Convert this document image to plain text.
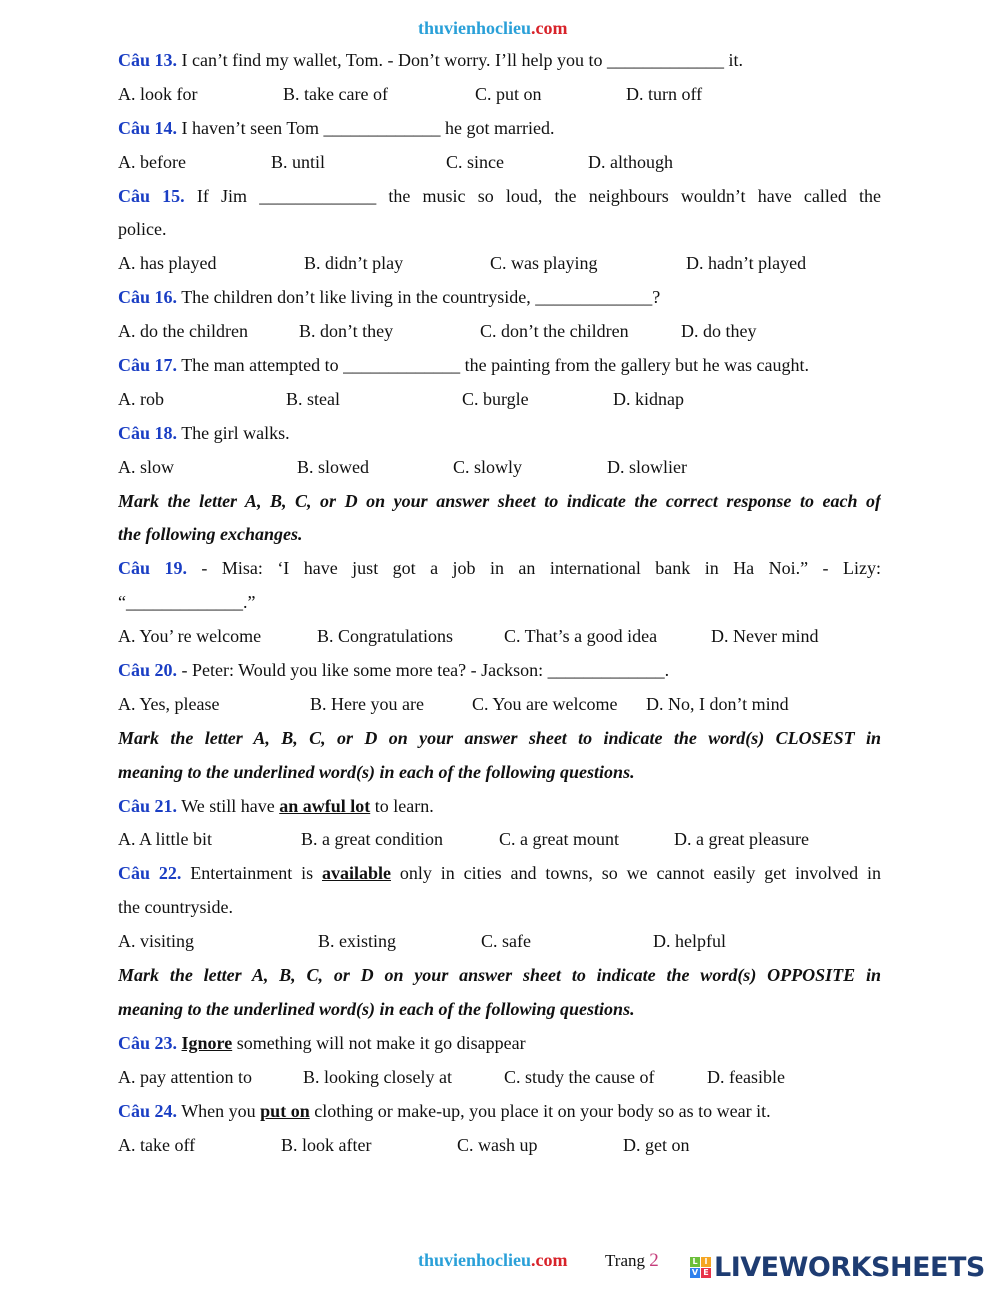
thuvienhoclieu.com
Câu 13. I can’t find my wallet, Tom. - Don’t worry. I’ll help you to _____________ it.
A. look for	B. take care of	C. put on	D. turn off
Câu 14. I haven’t seen Tom _____________ he got married.
A. before	B. until	C. since	D. although
Câu 15. If Jim _____________ the music so loud, the neighbours wouldn’t have called the
police.
A. has played	B. didn’t play	C. was playing	D. hadn’t played
Câu 16. The children don’t like living in the countryside, _____________?
A. do the children	B. don’t they	C. don’t the children	D. do they
Câu 17. The man attempted to _____________ the painting from the gallery but he was caught.
A. rob	B. steal	C. burgle	D. kidnap
Câu 18. The girl walks.
A. slow	B. slowed	C. slowly	D. slowlier
Mark the letter A, B, C, or D on your answer sheet to indicate the correct response to each of
the following exchanges.
Câu 19. - Misa: ‘I have just got a job in an international bank in Ha Noi.” - Lizy:
“_____________.”
A. You’ re welcome	B. Congratulations	C. That’s a good idea	D. Never mind
Câu 20. - Peter: Would you like some more tea? - Jackson: _____________.
A. Yes, please	B. Here you are	C. You are welcome D. No, I don’t mind
Mark the letter A, B, C, or D on your answer sheet to indicate the word(s) CLOSEST in
meaning to the underlined word(s) in each of the following questions.
Câu 21. We still have an awful lot to learn.
A. A little bit	B. a great condition	C. a great mount	D. a great pleasure
Câu 22. Entertainment is available only in cities and towns, so we cannot easily get involved in
the countryside.
A. visiting	B. existing	C. safe	D. helpful
Mark the letter A, B, C, or D on your answer sheet to indicate the word(s) OPPOSITE in
meaning to the underlined word(s) in each of the following questions.
Câu 23. Ignore something will not make it go disappear
A. pay attention to	B. looking closely at	C. study the cause of	D. feasible
Câu 24. When you put on clothing or make-up, you place it on your body so as to wear it.
A. take off	B. look after	C. wash up	D. get on
thuvienhoclieu.com Trang 2	L I
V E LIVEWORKSHEETS
